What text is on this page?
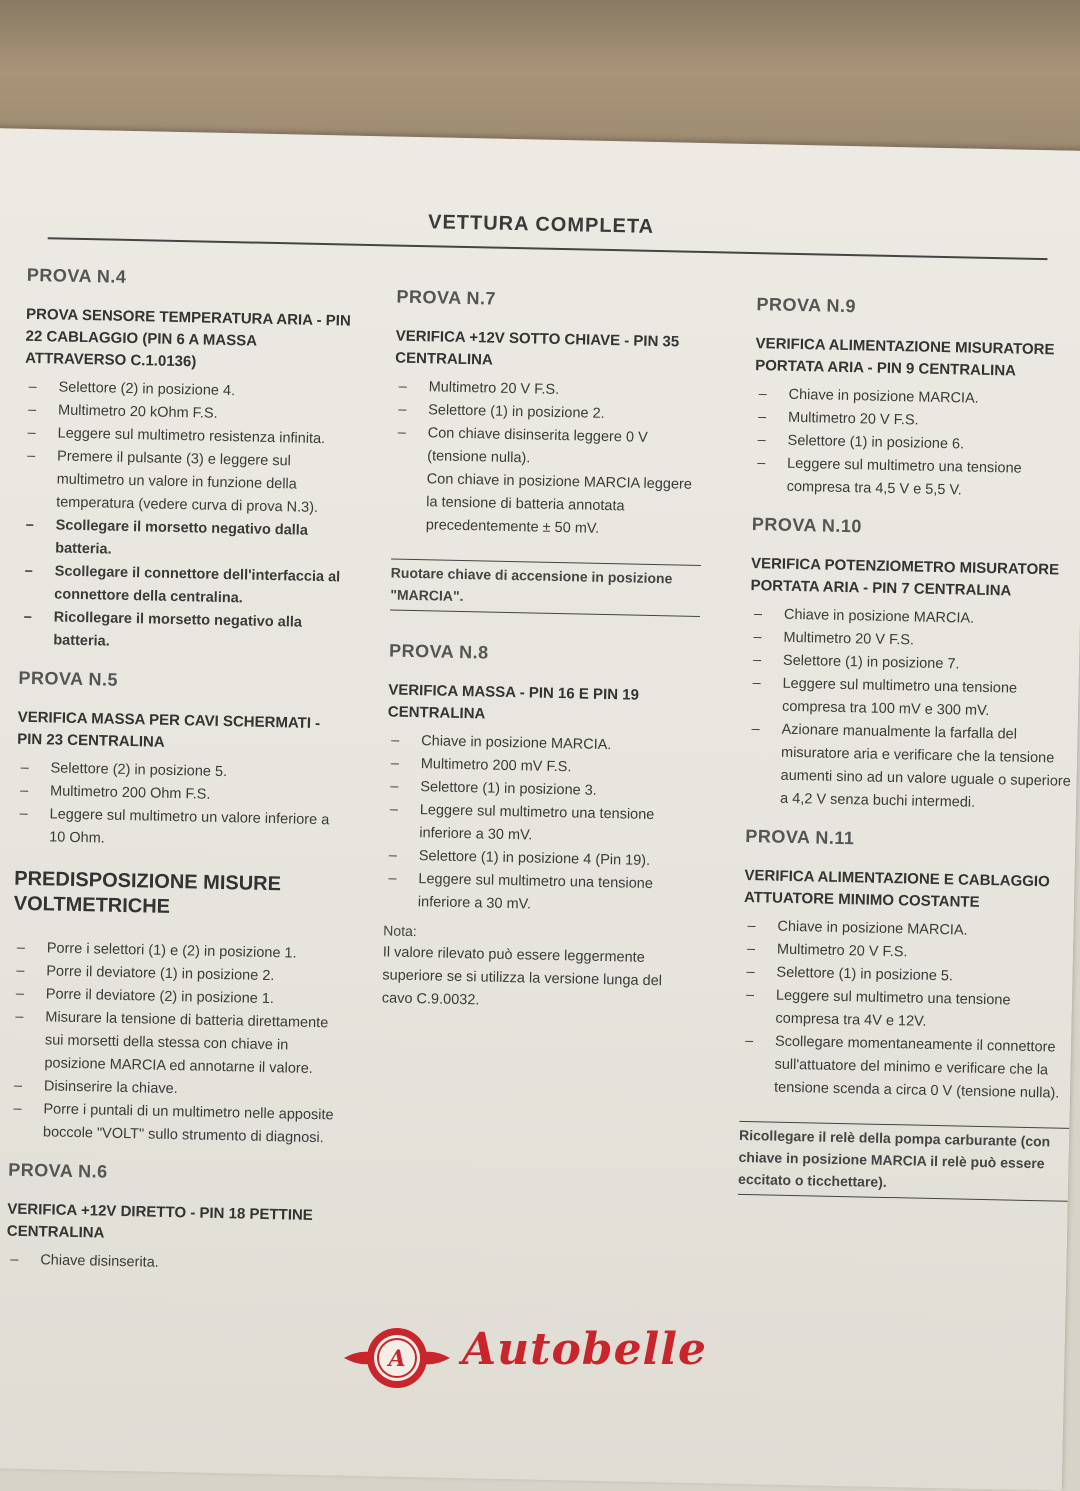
VETTURA COMPLETA
PROVA N.4
PROVA SENSORE TEMPERATURA ARIA - PIN 22 CABLAGGIO (PIN 6 A MASSA ATTRAVERSO C.1.0136)
– Selettore (2) in posizione 4.
– Multimetro 20 kOhm F.S.
– Leggere sul multimetro resistenza infinita.
– Premere il pulsante (3) e leggere sul multimetro un valore in funzione della temperatura (vedere curva di prova N.3).
– Scollegare il morsetto negativo dalla batteria.
– Scollegare il connettore dell'interfaccia al connettore della centralina.
– Ricollegare il morsetto negativo alla batteria.
PROVA N.5
VERIFICA MASSA PER CAVI SCHERMATI - PIN 23 CENTRALINA
– Selettore (2) in posizione 5.
– Multimetro 200 Ohm F.S.
– Leggere sul multimetro un valore inferiore a 10 Ohm.
PREDISPOSIZIONE MISURE VOLTMETRICHE
– Porre i selettori (1) e (2) in posizione 1.
– Porre il deviatore (1) in posizione 2.
– Porre il deviatore (2) in posizione 1.
– Misurare la tensione di batteria direttamente sui morsetti della stessa con chiave in posizione MARCIA ed annotarne il valore.
– Disinserire la chiave.
– Porre i puntali di un multimetro nelle apposite boccole "VOLT" sullo strumento di diagnosi.
PROVA N.6
VERIFICA +12V DIRETTO - PIN 18 PETTINE CENTRALINA
– Chiave disinserita.
PROVA N.7
VERIFICA +12V SOTTO CHIAVE - PIN 35 CENTRALINA
– Multimetro 20 V F.S.
– Selettore (1) in posizione 2.
– Con chiave disinserita leggere 0 V (tensione nulla).
Con chiave in posizione MARCIA leggere la tensione di batteria annotata precedentemente ± 50 mV.
Ruotare chiave di accensione in posizione "MARCIA".
PROVA N.8
VERIFICA MASSA - PIN 16 E PIN 19 CENTRALINA
– Chiave in posizione MARCIA.
– Multimetro 200 mV F.S.
– Selettore (1) in posizione 3.
– Leggere sul multimetro una tensione inferiore a 30 mV.
– Selettore (1) in posizione 4 (Pin 19).
– Leggere sul multimetro una tensione inferiore a 30 mV.
Nota:
Il valore rilevato può essere leggermente superiore se si utilizza la versione lunga del cavo C.9.0032.
PROVA N.9
VERIFICA ALIMENTAZIONE MISURATORE PORTATA ARIA - PIN 9 CENTRALINA
– Chiave in posizione MARCIA.
– Multimetro 20 V F.S.
– Selettore (1) in posizione 6.
– Leggere sul multimetro una tensione compresa tra 4,5 V e 5,5 V.
PROVA N.10
VERIFICA POTENZIOMETRO MISURATORE PORTATA ARIA - PIN 7 CENTRALINA
– Chiave in posizione MARCIA.
– Multimetro 20 V F.S.
– Selettore (1) in posizione 7.
– Leggere sul multimetro una tensione compresa tra 100 mV e 300 mV.
– Azionare manualmente la farfalla del misuratore aria e verificare che la tensione aumenti sino ad un valore uguale o superiore a 4,2 V senza buchi intermedi.
PROVA N.11
VERIFICA ALIMENTAZIONE E CABLAGGIO ATTUATORE MINIMO COSTANTE
– Chiave in posizione MARCIA.
– Multimetro 20 V F.S.
– Selettore (1) in posizione 5.
– Leggere sul multimetro una tensione compresa tra 4V e 12V.
– Scollegare momentaneamente il connettore sull'attuatore del minimo e verificare che la tensione scenda a circa 0 V (tensione nulla).
Ricollegare il relè della pompa carburante (con chiave in posizione MARCIA il relè può essere eccitato o ticchettare).
A Autobelle
